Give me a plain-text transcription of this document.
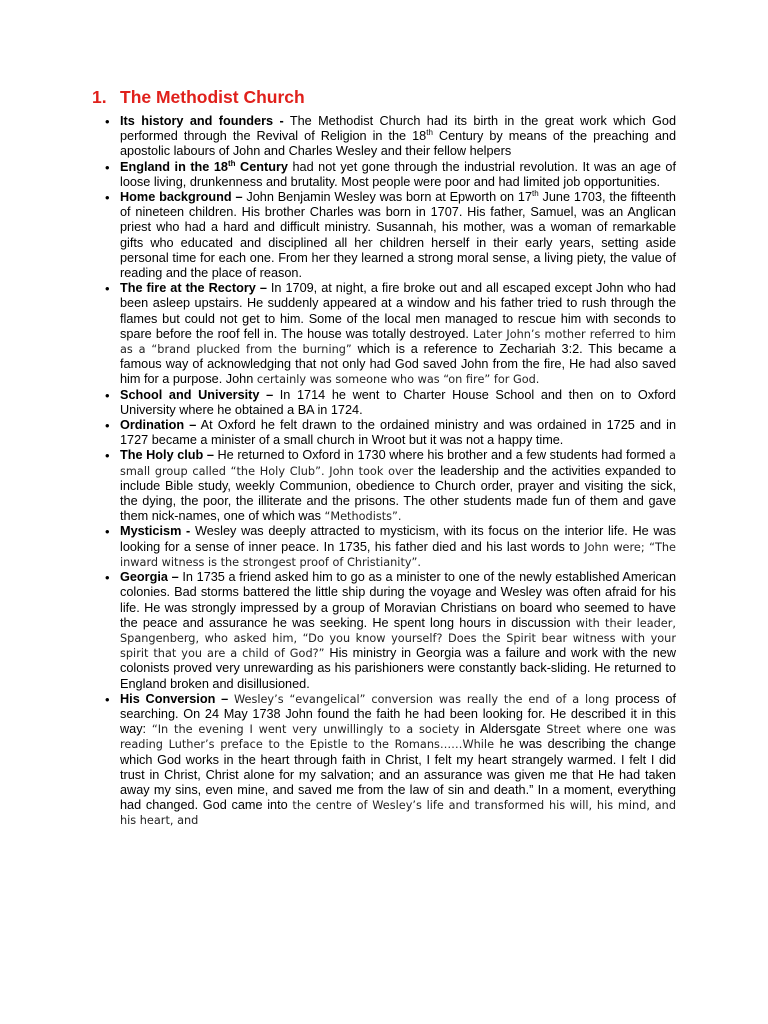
1. The Methodist Church
• Its history and founders - The Methodist Church had its birth in the great work which God performed through the Revival of Religion in the 18th Century by means of the preaching and apostolic labours of John and Charles Wesley and their fellow helpers
• England in the 18th Century had not yet gone through the industrial revolution. It was an age of loose living, drunkenness and brutality. Most people were poor and had limited job opportunities.
• Home background – John Benjamin Wesley was born at Epworth on 17th June 1703, the fifteenth of nineteen children. His brother Charles was born in 1707. His father, Samuel, was an Anglican priest who had a hard and difficult ministry. Susannah, his mother, was a woman of remarkable gifts who educated and disciplined all her children herself in their early years, setting aside personal time for each one. From her they learned a strong moral sense, a living piety, the value of reading and the place of reason.
• The fire at the Rectory – In 1709, at night, a fire broke out and all escaped except John who had been asleep upstairs. He suddenly appeared at a window and his father tried to rush through the flames but could not get to him. Some of the local men managed to rescue him with seconds to spare before the roof fell in. The house was totally destroyed. Later John’s mother referred to him as a “brand plucked from the burning” which is a reference to Zechariah 3:2. This became a famous way of acknowledging that not only had God saved John from the fire, He had also saved him for a purpose. John certainly was someone who was “on fire” for God.
• School and University – In 1714 he went to Charter House School and then on to Oxford University where he obtained a BA in 1724.
• Ordination – At Oxford he felt drawn to the ordained ministry and was ordained in 1725 and in 1727 became a minister of a small church in Wroot but it was not a happy time.
• The Holy club – He returned to Oxford in 1730 where his brother and a few students had formed a small group called “the Holy Club”. John took over the leadership and the activities expanded to include Bible study, weekly Communion, obedience to Church order, prayer and visiting the sick, the dying, the poor, the illiterate and the prisons. The other students made fun of them and gave them nick-names, one of which was “Methodists”.
• Mysticism - Wesley was deeply attracted to mysticism, with its focus on the interior life. He was looking for a sense of inner peace. In 1735, his father died and his last words to John were; “The inward witness is the strongest proof of Christianity”.
• Georgia – In 1735 a friend asked him to go as a minister to one of the newly established American colonies. Bad storms battered the little ship during the voyage and Wesley was often afraid for his life. He was strongly impressed by a group of Moravian Christians on board who seemed to have the peace and assurance he was seeking. He spent long hours in discussion with their leader, Spangenberg, who asked him, “Do you know yourself? Does the Spirit bear witness with your spirit that you are a child of God?” His ministry in Georgia was a failure and work with the new colonists proved very unrewarding as his parishioners were constantly back-sliding. He returned to England broken and disillusioned.
• His Conversion – Wesley’s “evangelical” conversion was really the end of a long process of searching. On 24 May 1738 John found the faith he had been looking for. He described it in this way: “In the evening I went very unwillingly to a society in Aldersgate Street where one was reading Luther’s preface to the Epistle to the Romans……While he was describing the change which God works in the heart through faith in Christ, I felt my heart strangely warmed. I felt I did trust in Christ, Christ alone for my salvation; and an assurance was given me that He had taken away my sins, even mine, and saved me from the law of sin and death.” In a moment, everything had changed. God came into the centre of Wesley’s life and transformed his will, his mind, and his heart, and
